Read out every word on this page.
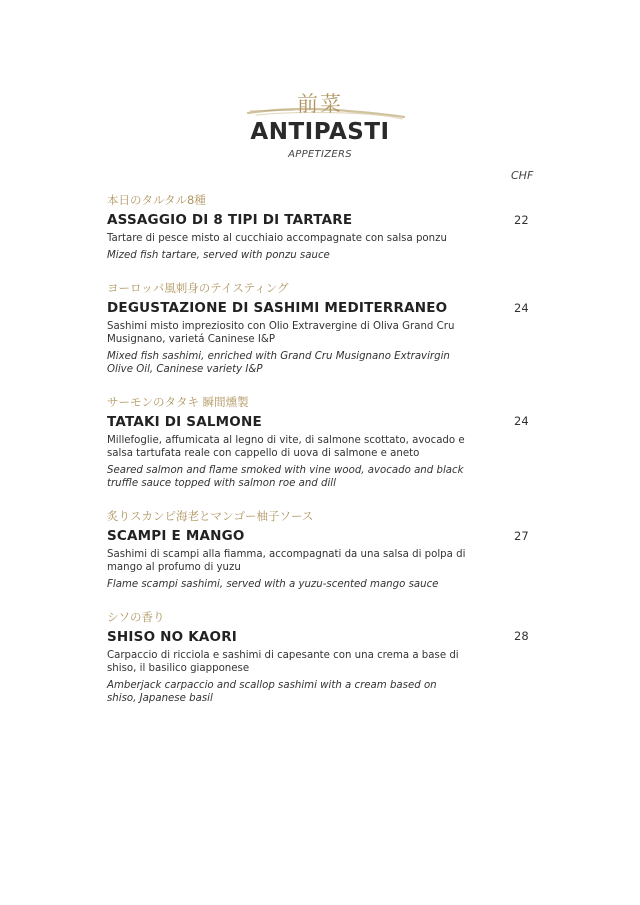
前菜
ANTIPASTI
APPETIZERS
CHF
本日のタルタル8種
ASSAGGIO DI 8 TIPI DI TARTARE
Tartare di pesce misto al cucchiaio accompagnate con salsa ponzu
Mized fish tartare, served with ponzu sauce
22
ヨーロッパ風刺身のテイスティング
DEGUSTAZIONE DI SASHIMI MEDITERRANEO
Sashimi misto impreziosito con Olio Extravergine di Oliva Grand Cru Musignano, varietá Caninese I&P
Mixed fish sashimi, enriched with Grand Cru Musignano Extravirgin Olive Oil, Caninese variety I&P
24
サーモンのタタキ 瞬間燻製
TATAKI DI SALMONE
Millefoglie, affumicata al legno di vite, di salmone scottato, avocado e salsa tartufata reale con cappello di uova di salmone e aneto
Seared salmon and flame smoked with vine wood, avocado and black truffle sauce topped with salmon roe and dill
24
炙りスカンピ海老とマンゴー柚子ソース
SCAMPI E MANGO
Sashimi di scampi alla fiamma, accompagnati da una salsa di polpa di mango al profumo di yuzu
Flame scampi sashimi, served with a yuzu-scented mango sauce
27
シソの香り
SHISO NO KAORI
Carpaccio di ricciola e sashimi di capesante con una crema a base di shiso, il basilico giapponese
Amberjack carpaccio and scallop sashimi with a cream based on shiso, Japanese basil
28
